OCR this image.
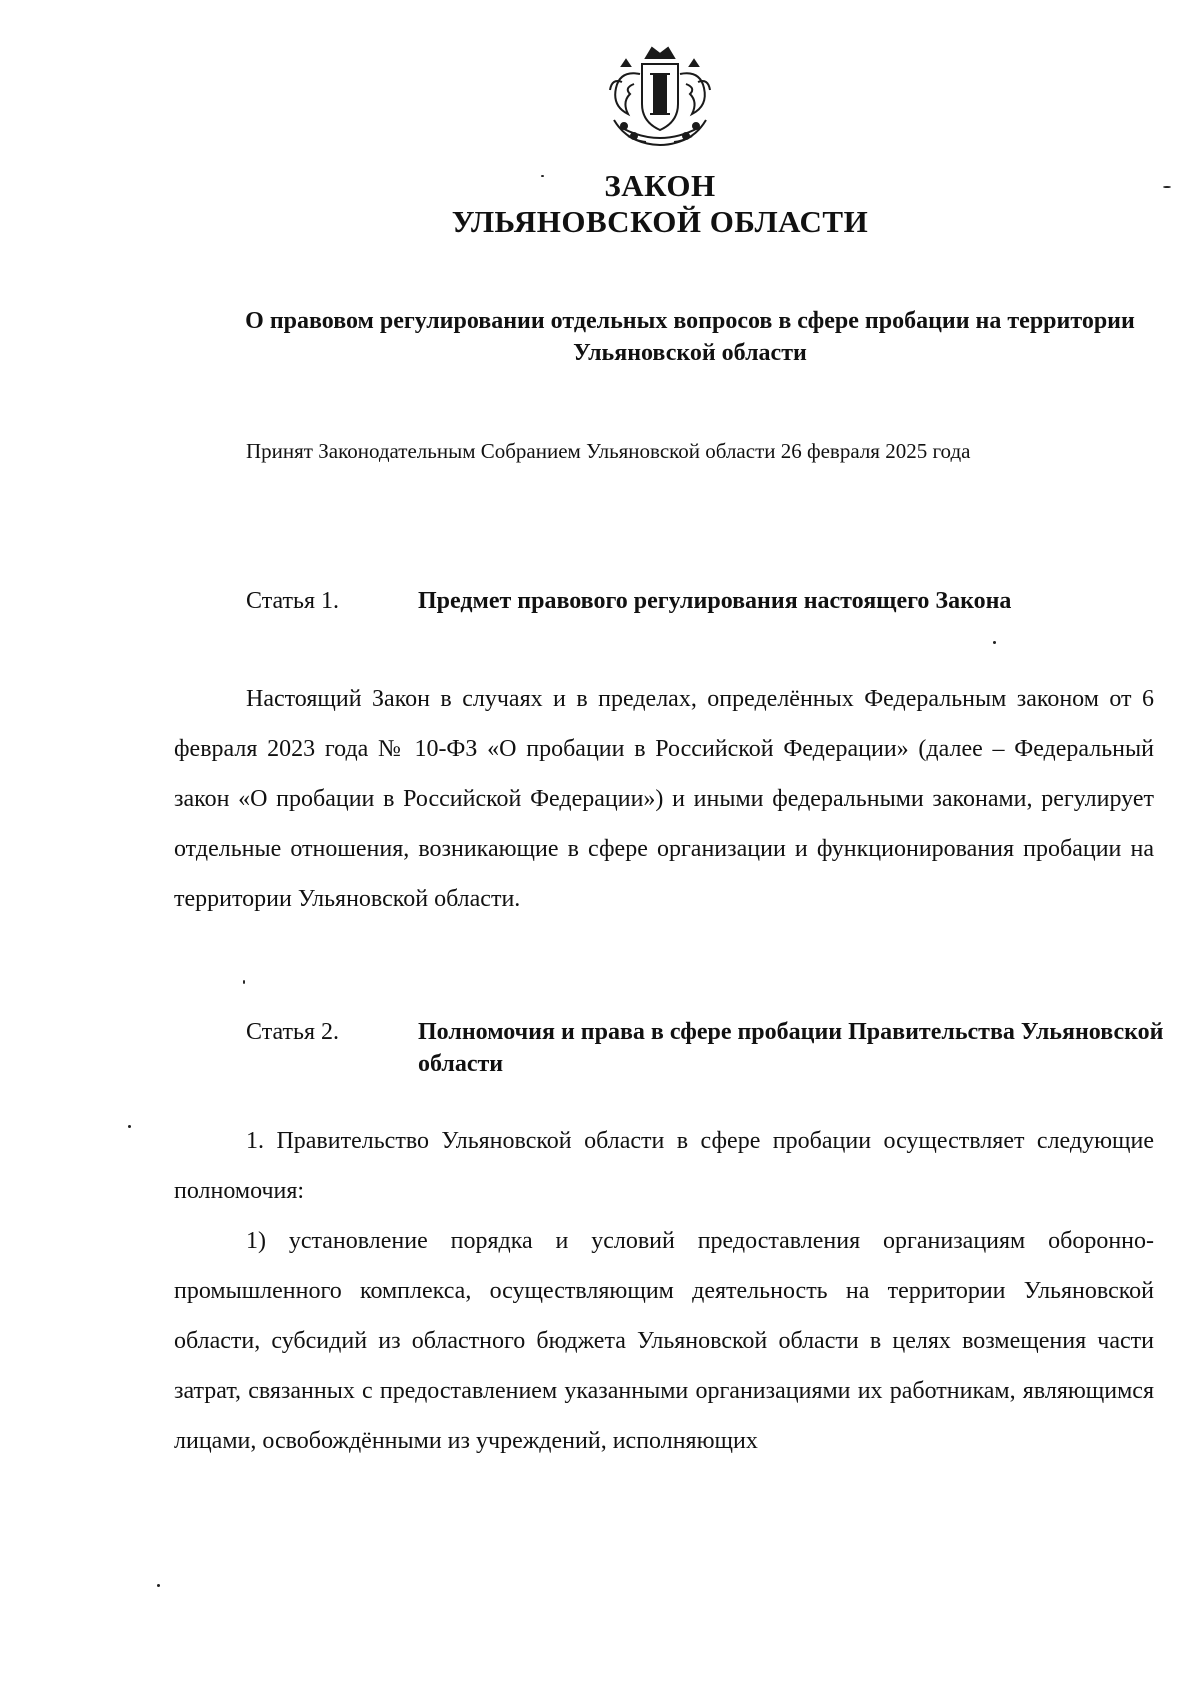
ЗАКОН
УЛЬЯНОВСКОЙ ОБЛАСТИ
О правовом регулировании отдельных вопросов в сфере пробации на территории Ульяновской области
Принят Законодательным Собранием Ульяновской области 26 февраля 2025 года
Статья 1.	Предмет правового регулирования настоящего Закона
Настоящий Закон в случаях и в пределах, определённых Федеральным законом от 6 февраля 2023 года № 10-ФЗ «О пробации в Российской Федерации» (далее – Федеральный закон «О пробации в Российской Федерации») и иными федеральными законами, регулирует отдельные отношения, возникающие в сфере организации и функционирования пробации на территории Ульяновской области.
Статья 2.	Полномочия и права в сфере пробации Правительства Ульяновской области
1. Правительство Ульяновской области в сфере пробации осуществляет следующие полномочия:
1) установление порядка и условий предоставления организациям оборонно-промышленного комплекса, осуществляющим деятельность на территории Ульяновской области, субсидий из областного бюджета Ульяновской области в целях возмещения части затрат, связанных с предоставлением указанными организациями их работникам, являющимся лицами, освобождёнными из учреждений, исполняющих
